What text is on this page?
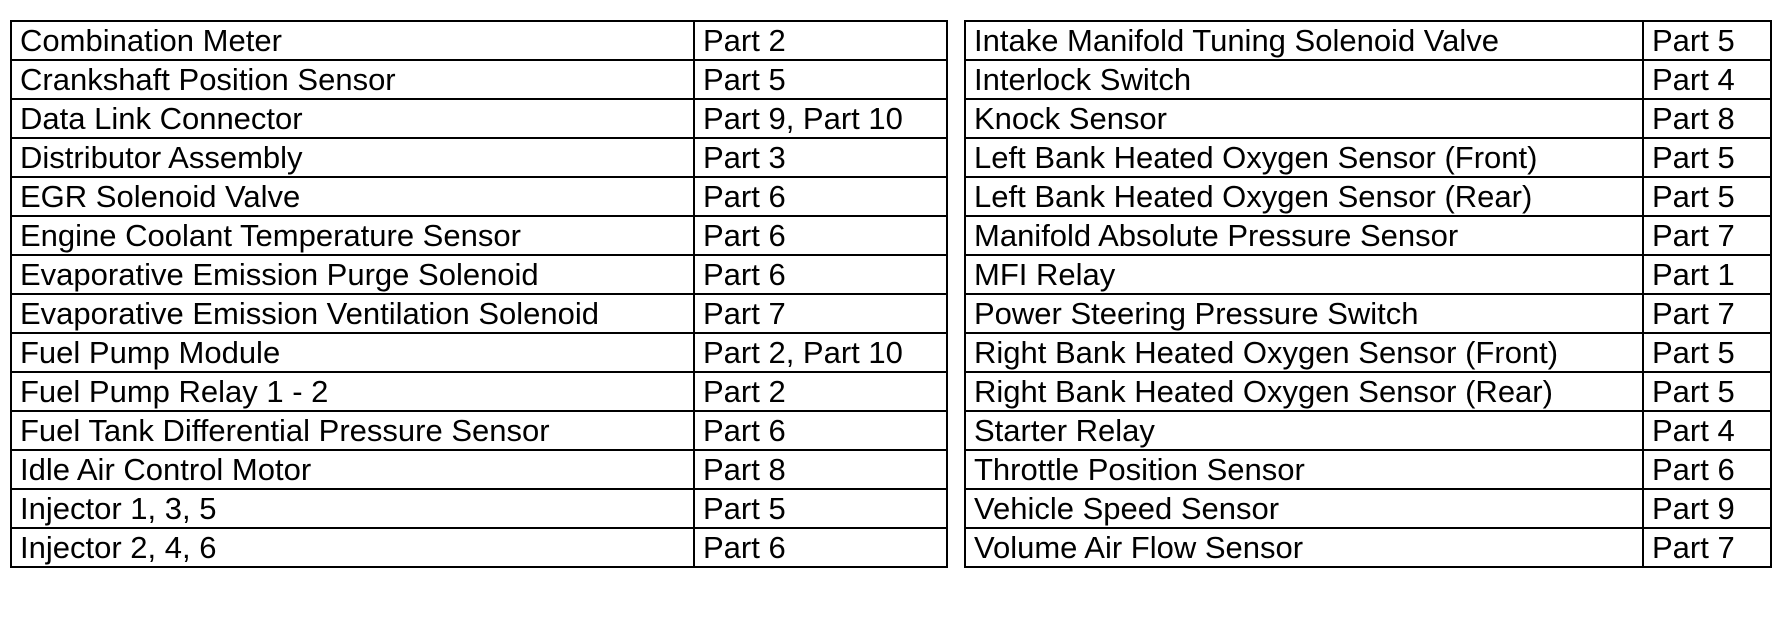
Combination Meter	Part 2
Crankshaft Position Sensor	Part 5
Data Link Connector	Part 9, Part 10
Distributor Assembly	Part 3
EGR Solenoid Valve	Part 6
Engine Coolant Temperature Sensor	Part 6
Evaporative Emission Purge Solenoid	Part 6
Evaporative Emission Ventilation Solenoid	Part 7
Fuel Pump Module	Part 2, Part 10
Fuel Pump Relay 1 - 2	Part 2
Fuel Tank Differential Pressure Sensor	Part 6
Idle Air Control Motor	Part 8
Injector 1, 3, 5	Part 5
Injector 2, 4, 6	Part 6
Intake Manifold Tuning Solenoid Valve	Part 5
Interlock Switch	Part 4
Knock Sensor	Part 8
Left Bank Heated Oxygen Sensor (Front)	Part 5
Left Bank Heated Oxygen Sensor (Rear)	Part 5
Manifold Absolute Pressure Sensor	Part 7
MFI Relay	Part 1
Power Steering Pressure Switch	Part 7
Right Bank Heated Oxygen Sensor (Front)	Part 5
Right Bank Heated Oxygen Sensor (Rear)	Part 5
Starter Relay	Part 4
Throttle Position Sensor	Part 6
Vehicle Speed Sensor	Part 9
Volume Air Flow Sensor	Part 7
